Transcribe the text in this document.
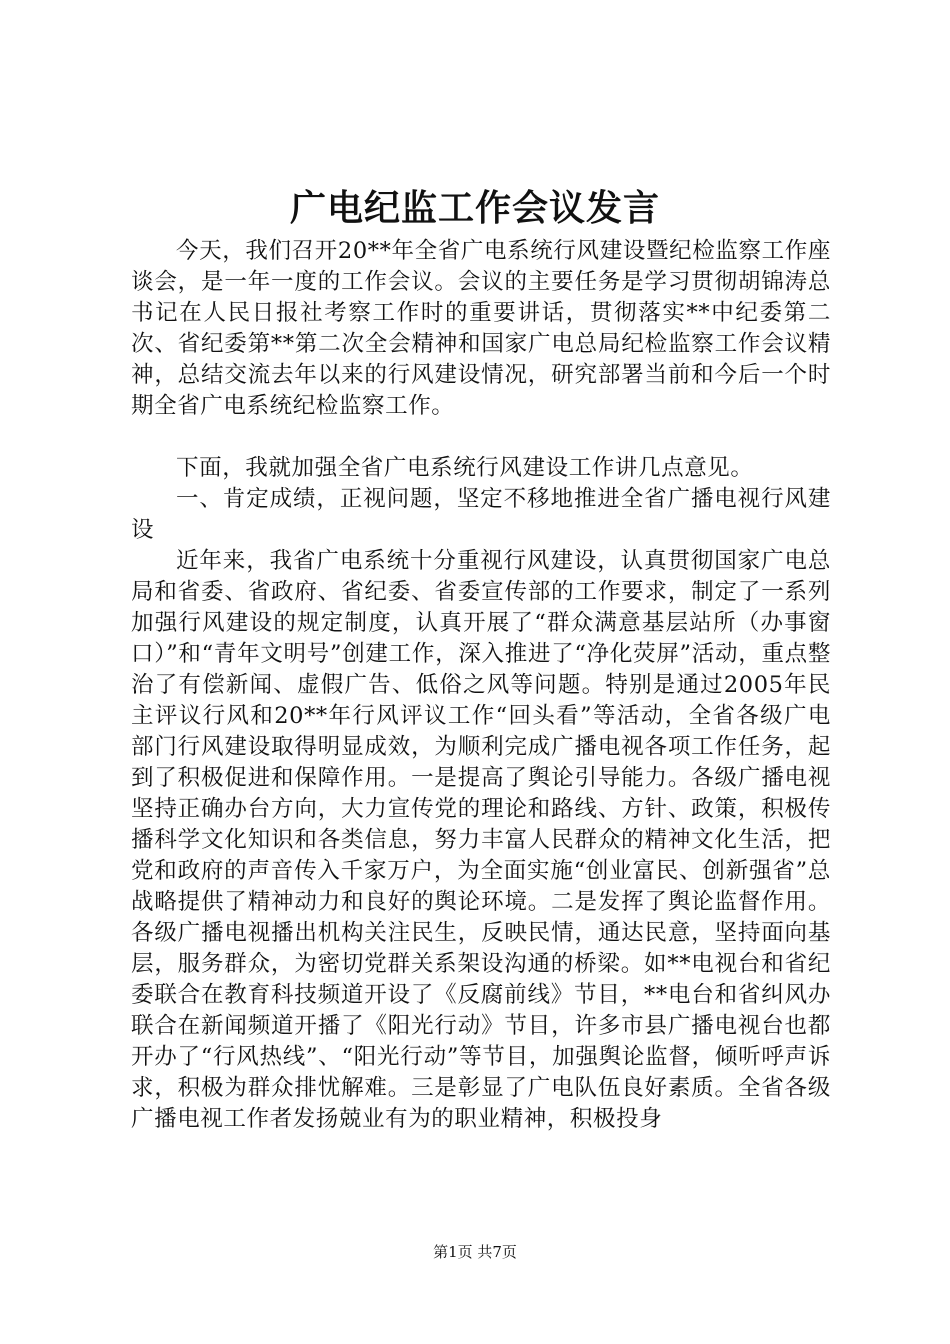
广电纪监工作会议发言

今天，我们召开20**年全省广电系统行风建设暨纪检监察工作座谈会，是一年一度的工作会议。会议的主要任务是学习贯彻胡锦涛总书记在人民日报社考察工作时的重要讲话，贯彻落实**中纪委第二次、省纪委第**第二次全会精神和国家广电总局纪检监察工作会议精神，总结交流去年以来的行风建设情况，研究部署当前和今后一个时期全省广电系统纪检监察工作。

下面，我就加强全省广电系统行风建设工作讲几点意见。

一、肯定成绩，正视问题，坚定不移地推进全省广播电视行风建设

近年来，我省广电系统十分重视行风建设，认真贯彻国家广电总局和省委、省政府、省纪委、省委宣传部的工作要求，制定了一系列加强行风建设的规定制度，认真开展了“群众满意基层站所（办事窗口）”和“青年文明号”创建工作，深入推进了“净化荧屏”活动，重点整治了有偿新闻、虚假广告、低俗之风等问题。特别是通过2005年民主评议行风和20**年行风评议工作“回头看”等活动，全省各级广电部门行风建设取得明显成效，为顺利完成广播电视各项工作任务，起到了积极促进和保障作用。一是提高了舆论引导能力。各级广播电视坚持正确办台方向，大力宣传党的理论和路线、方针、政策，积极传播科学文化知识和各类信息，努力丰富人民群众的精神文化生活，把党和政府的声音传入千家万户，为全面实施“创业富民、创新强省”总战略提供了精神动力和良好的舆论环境。二是发挥了舆论监督作用。各级广播电视播出机构关注民生，反映民情，通达民意，坚持面向基层，服务群众，为密切党群关系架设沟通的桥梁。如**电视台和省纪委联合在教育科技频道开设了《反腐前线》节目，**电台和省纠风办联合在新闻频道开播了《阳光行动》节目，许多市县广播电视台也都开办了“行风热线”、“阳光行动”等节目，加强舆论监督，倾听呼声诉求，积极为群众排忧解难。三是彰显了广电队伍良好素质。全省各级广播电视工作者发扬兢业有为的职业精神，积极投身

第1页 共7页
